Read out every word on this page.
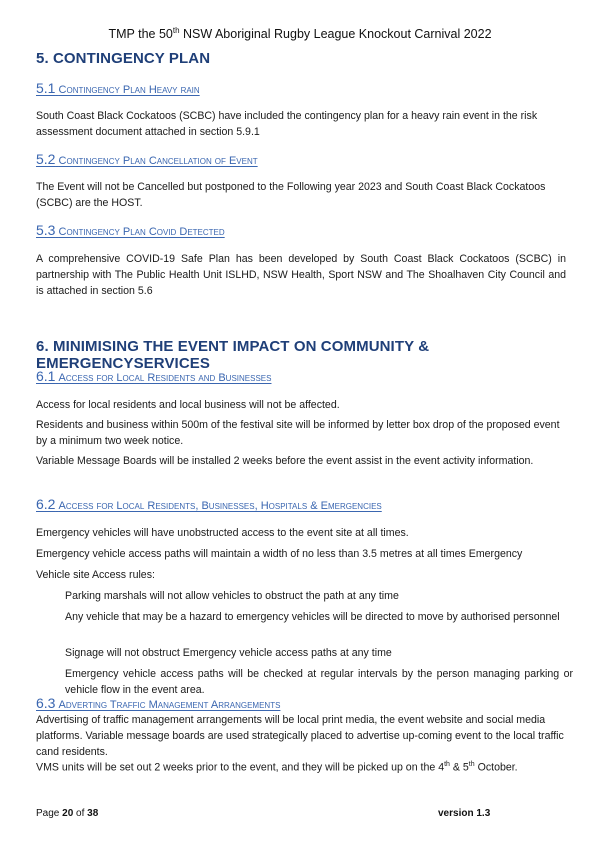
TMP the 50th NSW Aboriginal Rugby League Knockout Carnival 2022
5. CONTINGENCY PLAN
5.1 Contingency Plan Heavy rain
South Coast Black Cockatoos (SCBC) have included the contingency plan for a heavy rain event in the risk assessment document attached in section 5.9.1
5.2 Contingency Plan Cancellation of Event
The Event will not be Cancelled but postponed to the Following year 2023 and South Coast Black Cockatoos (SCBC) are the HOST.
5.3 Contingency Plan Covid Detected
A comprehensive COVID-19 Safe Plan has been developed by South Coast Black Cockatoos (SCBC) in partnership with The Public Health Unit ISLHD, NSW Health, Sport NSW and The Shoalhaven City Council and is attached in section 5.6
6. MINIMISING THE EVENT IMPACT ON COMMUNITY & EMERGENCYSERVICES
6.1 Access for Local Residents and Businesses
Access for local residents and local business will not be affected.
Residents and business within 500m of the festival site will be informed by letter box drop of the proposed event by a minimum two week notice.
Variable Message Boards will be installed 2 weeks before the event assist in the event activity information.
6.2 Access for Local Residents, Businesses, Hospitals & Emergencies
Emergency vehicles will have unobstructed access to the event site at all times.
Emergency vehicle access paths will maintain a width of no less than 3.5 metres at all times Emergency
Vehicle site Access rules:
Parking marshals will not allow vehicles to obstruct the path at any time
Any vehicle that may be a hazard to emergency vehicles will be directed to move by authorised personnel
Signage will not obstruct Emergency vehicle access paths at any time
Emergency vehicle access paths will be checked at regular intervals by the person managing parking or vehicle flow in the event area.
6.3 Adverting Traffic Management Arrangements
Advertising of traffic management arrangements will be local print media, the event website and social media platforms. Variable message boards are used strategically placed to advertise up-coming event to the local traffic cand residents.
VMS units will be set out 2 weeks prior to the event, and they will be picked up on the 4th & 5th October.
Page 20 of 38	version 1.3
